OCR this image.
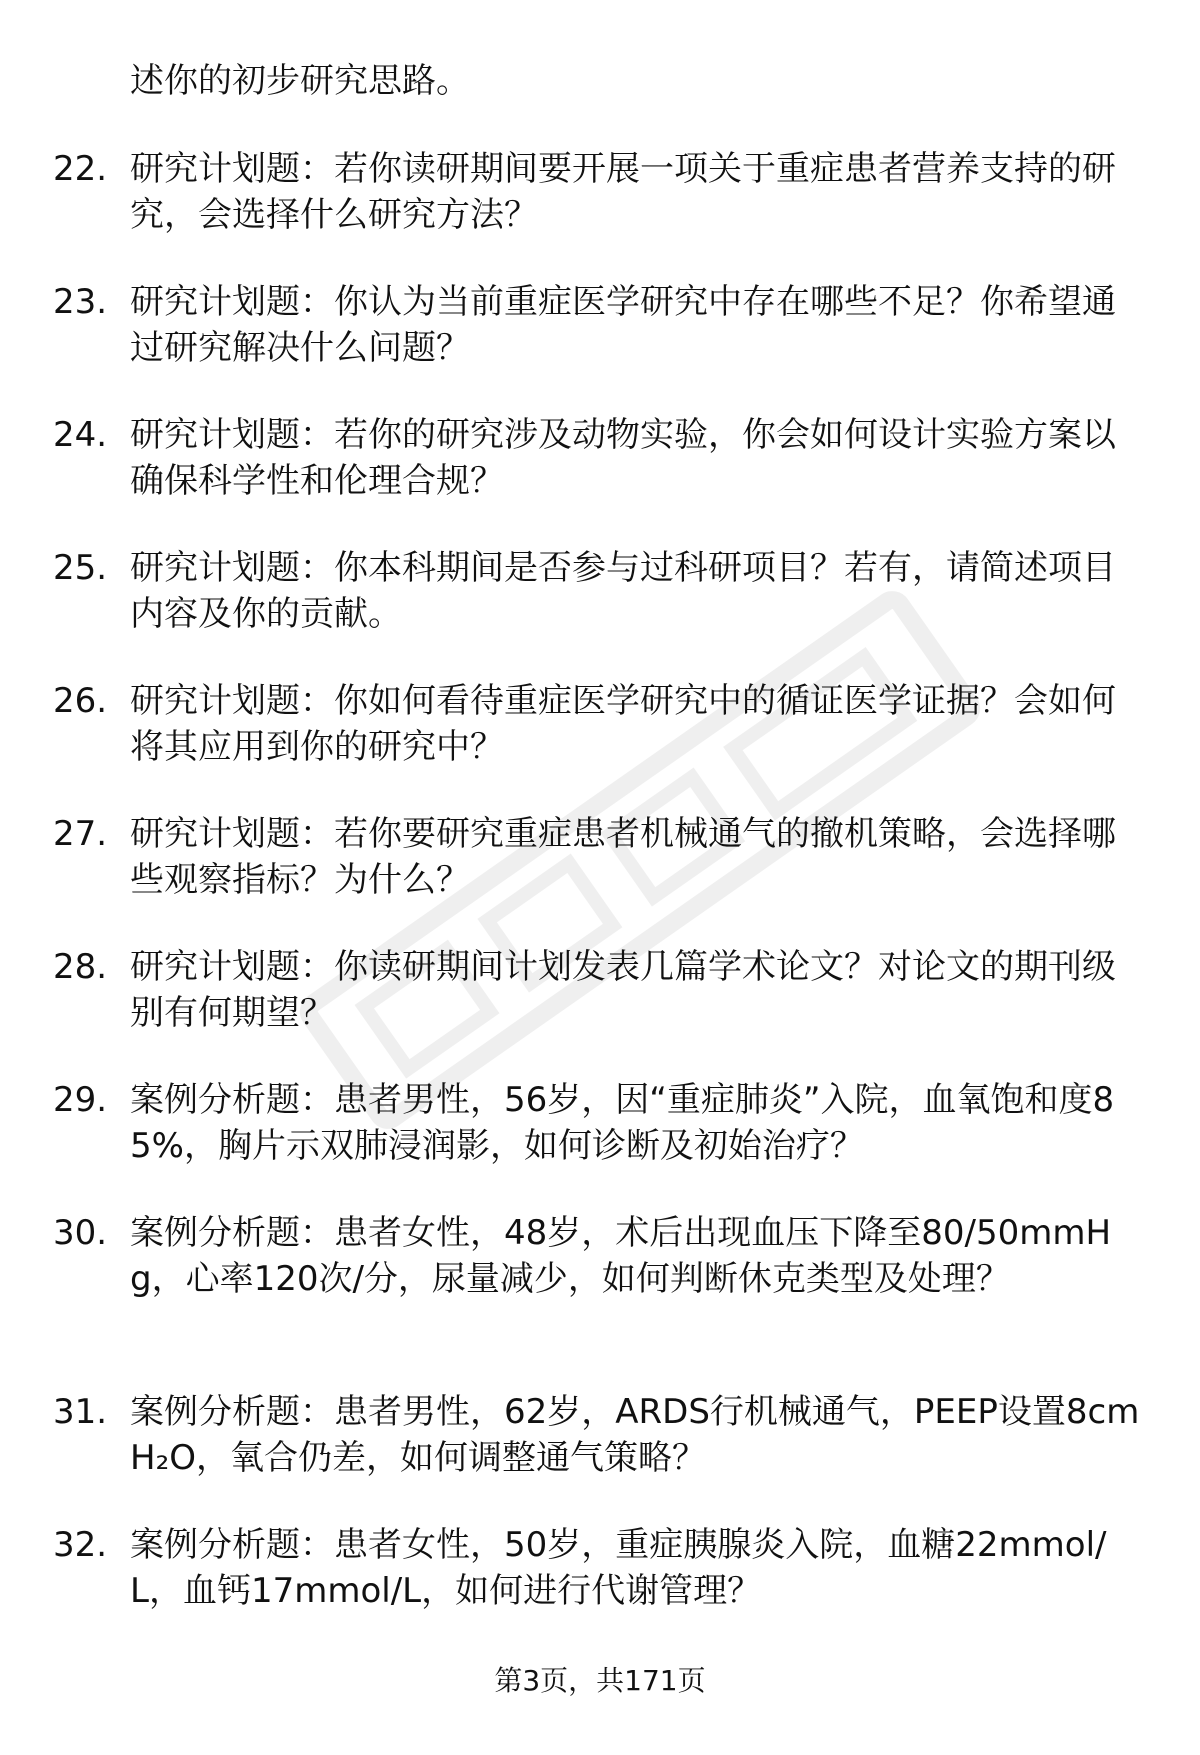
述你的初步研究思路。

22. 研究计划题：若你读研期间要开展一项关于重症患者营养支持的研究，会选择什么研究方法？
23. 研究计划题：你认为当前重症医学研究中存在哪些不足？你希望通过研究解决什么问题？
24. 研究计划题：若你的研究涉及动物实验，你会如何设计实验方案以确保科学性和伦理合规？
25. 研究计划题：你本科期间是否参与过科研项目？若有，请简述项目内容及你的贡献。
26. 研究计划题：你如何看待重症医学研究中的循证医学证据？会如何将其应用到你的研究中？
27. 研究计划题：若你要研究重症患者机械通气的撤机策略，会选择哪些观察指标？为什么？
28. 研究计划题：你读研期间计划发表几篇学术论文？对论文的期刊级别有何期望？
29. 案例分析题：患者男性，56岁，因“重症肺炎”入院，血氧饱和度85%，胸片示双肺浸润影，如何诊断及初始治疗？
30. 案例分析题：患者女性，48岁，术后出现血压下降至80/50mmHg，心率120次/分，尿量减少，如何判断休克类型及处理？
31. 案例分析题：患者男性，62岁，ARDS行机械通气，PEEP设置8cmH₂O，氧合仍差，如何调整通气策略？
32. 案例分析题：患者女性，50岁，重症胰腺炎入院，血糖22mmol/L，血钙17mmol/L，如何进行代谢管理？
第3页，共171页
